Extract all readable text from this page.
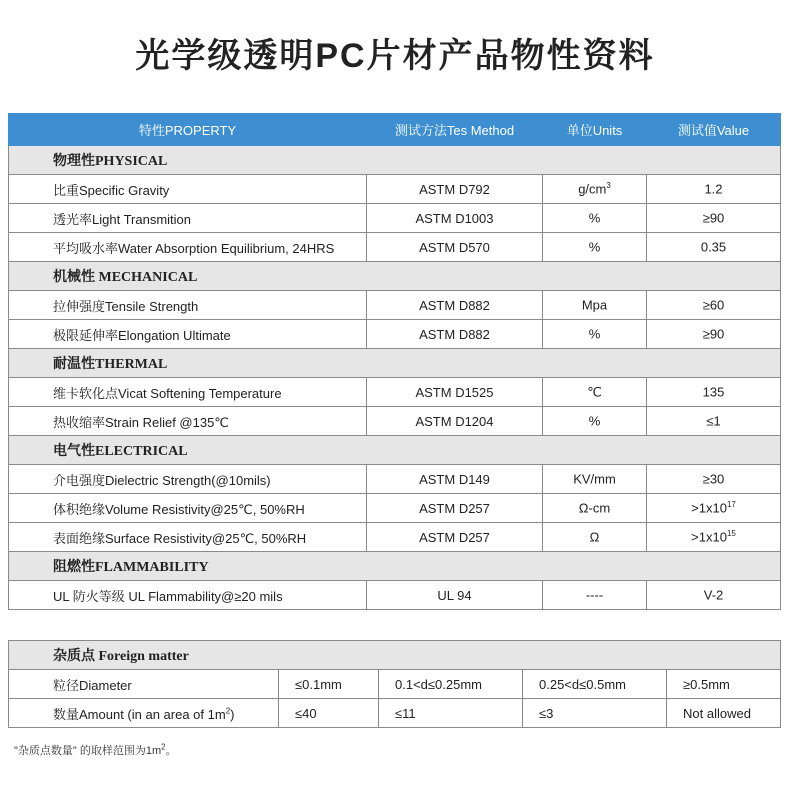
光学级透明PC片材产品物性资料
特性PROPERTY	测试方法Tes Method	单位Units	测试值Value
物理性PHYSICAL			
比重Specific Gravity	ASTM D792	$g/cm^3$	1.2
透光率Light Transmition	ASTM D1003	%	≥90
平均吸水率Water Absorption Equilibrium, 24HRS	ASTM D570	%	0.35
机械性 MECHANICAL			
拉伸强度Tensile Strength	ASTM D882	Mpa	≥60
极限延伸率Elongation Ultimate	ASTM D882	%	≥90
耐温性THERMAL			
维卡软化点Vicat Softening Temperature	ASTM D1525	℃	135
热收缩率Strain Relief @135℃	ASTM D1204	%	≤1
电气性ELECTRICAL			
介电强度Dielectric Strength(@10mils)	ASTM D149	KV/mm	≥30
体积绝缘Volume Resistivity@25℃, 50%RH	ASTM D257	Ω-cm	$>1x10^{17}$
表面绝缘Surface Resistivity@25℃, 50%RH	ASTM D257	Ω	$>1x10^{15}$
阻燃性FLAMMABILITY			
UL 防火等级 UL Flammability@≥20 mils	UL 94	----	V-2
杂质点 Foreign matter				
粒径Diameter	≤0.1mm	0.1<d≤0.25mm	0.25<d≤0.5mm	≥0.5mm
数量Amount (in an area of $1m^2$)	≤40	≤11	≤3	Not allowed
"杂质点数量" 的取样范围为$1m^2$。
